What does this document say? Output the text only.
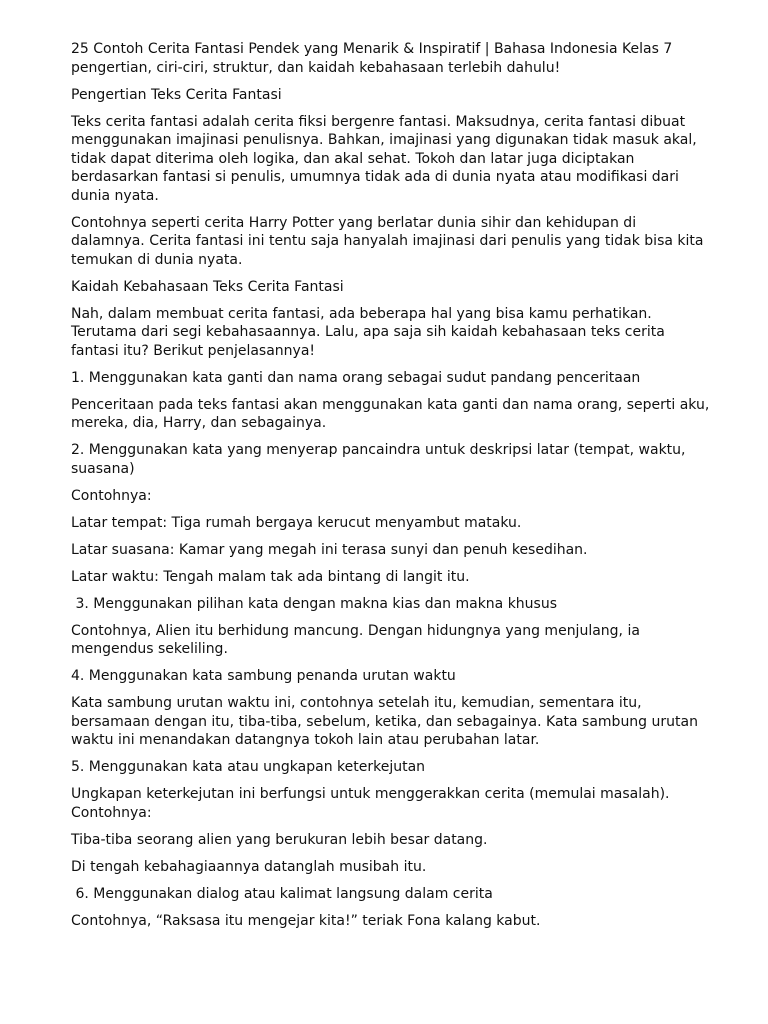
25 Contoh Cerita Fantasi Pendek yang Menarik & Inspiratif | Bahasa Indonesia Kelas 7 pengertian, ciri-ciri, struktur, dan kaidah kebahasaan terlebih dahulu!

Pengertian Teks Cerita Fantasi

Teks cerita fantasi adalah cerita fiksi bergenre fantasi. Maksudnya, cerita fantasi dibuat menggunakan imajinasi penulisnya. Bahkan, imajinasi yang digunakan tidak masuk akal, tidak dapat diterima oleh logika, dan akal sehat. Tokoh dan latar juga diciptakan berdasarkan fantasi si penulis, umumnya tidak ada di dunia nyata atau modifikasi dari dunia nyata.

Contohnya seperti cerita Harry Potter yang berlatar dunia sihir dan kehidupan di dalamnya. Cerita fantasi ini tentu saja hanyalah imajinasi dari penulis yang tidak bisa kita temukan di dunia nyata.

Kaidah Kebahasaan Teks Cerita Fantasi

Nah, dalam membuat cerita fantasi, ada beberapa hal yang bisa kamu perhatikan. Terutama dari segi kebahasaannya. Lalu, apa saja sih kaidah kebahasaan teks cerita fantasi itu? Berikut penjelasannya!

1. Menggunakan kata ganti dan nama orang sebagai sudut pandang penceritaan

Penceritaan pada teks fantasi akan menggunakan kata ganti dan nama orang, seperti aku, mereka, dia, Harry, dan sebagainya.

2. Menggunakan kata yang menyerap pancaindra untuk deskripsi latar (tempat, waktu, suasana)

Contohnya:

Latar tempat: Tiga rumah bergaya kerucut menyambut mataku.

Latar suasana: Kamar yang megah ini terasa sunyi dan penuh kesedihan.

Latar waktu: Tengah malam tak ada bintang di langit itu.

3. Menggunakan pilihan kata dengan makna kias dan makna khusus

Contohnya, Alien itu berhidung mancung. Dengan hidungnya yang menjulang, ia mengendus sekeliling.

4. Menggunakan kata sambung penanda urutan waktu

Kata sambung urutan waktu ini, contohnya setelah itu, kemudian, sementara itu, bersamaan dengan itu, tiba-tiba, sebelum, ketika, dan sebagainya. Kata sambung urutan waktu ini menandakan datangnya tokoh lain atau perubahan latar.

5. Menggunakan kata atau ungkapan keterkejutan

Ungkapan keterkejutan ini berfungsi untuk menggerakkan cerita (memulai masalah). Contohnya:

Tiba-tiba seorang alien yang berukuran lebih besar datang.

Di tengah kebahagiaannya datanglah musibah itu.

6. Menggunakan dialog atau kalimat langsung dalam cerita

Contohnya, “Raksasa itu mengejar kita!” teriak Fona kalang kabut.
